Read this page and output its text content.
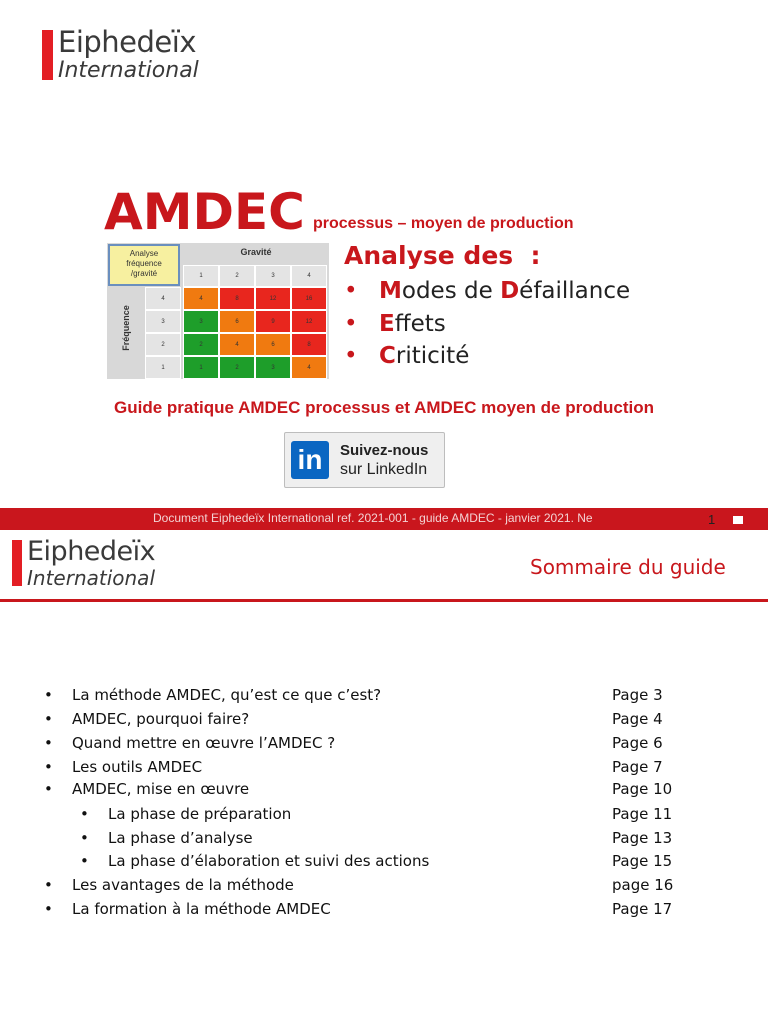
Eiphedeïx
International
AMDEC processus – moyen de production
Analyse fréquence /gravité
Gravité
Fréquence
1	2	3	4
4	4	8	12	16
3	3	6	9	12
2	2	4	6	8
1	1	2	3	4
Analyse des  :
• Modes de Défaillance
• Effets
• Criticité
Guide pratique AMDEC processus et AMDEC moyen de production
in	Suivez-nous
sur LinkedIn
Document Eiphedeïx International ref. 2021-001 - guide AMDEC - janvier 2021. Ne	1
Eiphedeïx
International	Sommaire du guide
• La méthode AMDEC, qu’est ce que c’est?	Page 3
• AMDEC, pourquoi faire?	Page 4
• Quand mettre en œuvre l’AMDEC ?	Page 6
• Les outils AMDEC	Page 7
• AMDEC, mise en œuvre	Page 10
• La phase de préparation	Page 11
• La phase d’analyse	Page 13
• La phase d’élaboration et suivi des actions	Page 15
• Les avantages de la méthode	page 16
• La formation à la méthode AMDEC	Page 17
